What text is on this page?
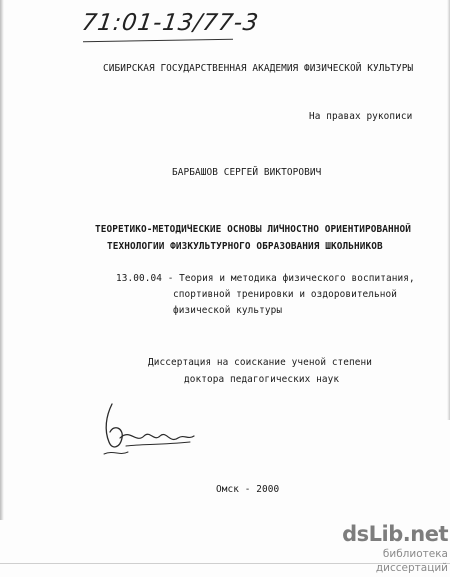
71:01-13/77-3
СИБИРСКАЯ ГОСУДАРСТВЕННАЯ АКАДЕМИЯ ФИЗИЧЕСКОЙ КУЛЬТУРЫ
На правах рукописи
БАРБАШОВ СЕРГЕЙ ВИКТОРОВИЧ
ТЕОРЕТИКО-МЕТОДИЧЕСКИЕ ОСНОВЫ ЛИЧНОСТНО ОРИЕНТИРОВАННОЙ
ТЕХНОЛОГИИ ФИЗКУЛЬТУРНОГО ОБРАЗОВАНИЯ ШКОЛЬНИКОВ
13.00.04 - Теория и методика физического воспитания,
спортивной тренировки и оздоровительной
физической культуры
Диссертация на соискание ученой степени
доктора педагогических наук
Омск - 2000
dsLib.net
библиотека диссертаций
